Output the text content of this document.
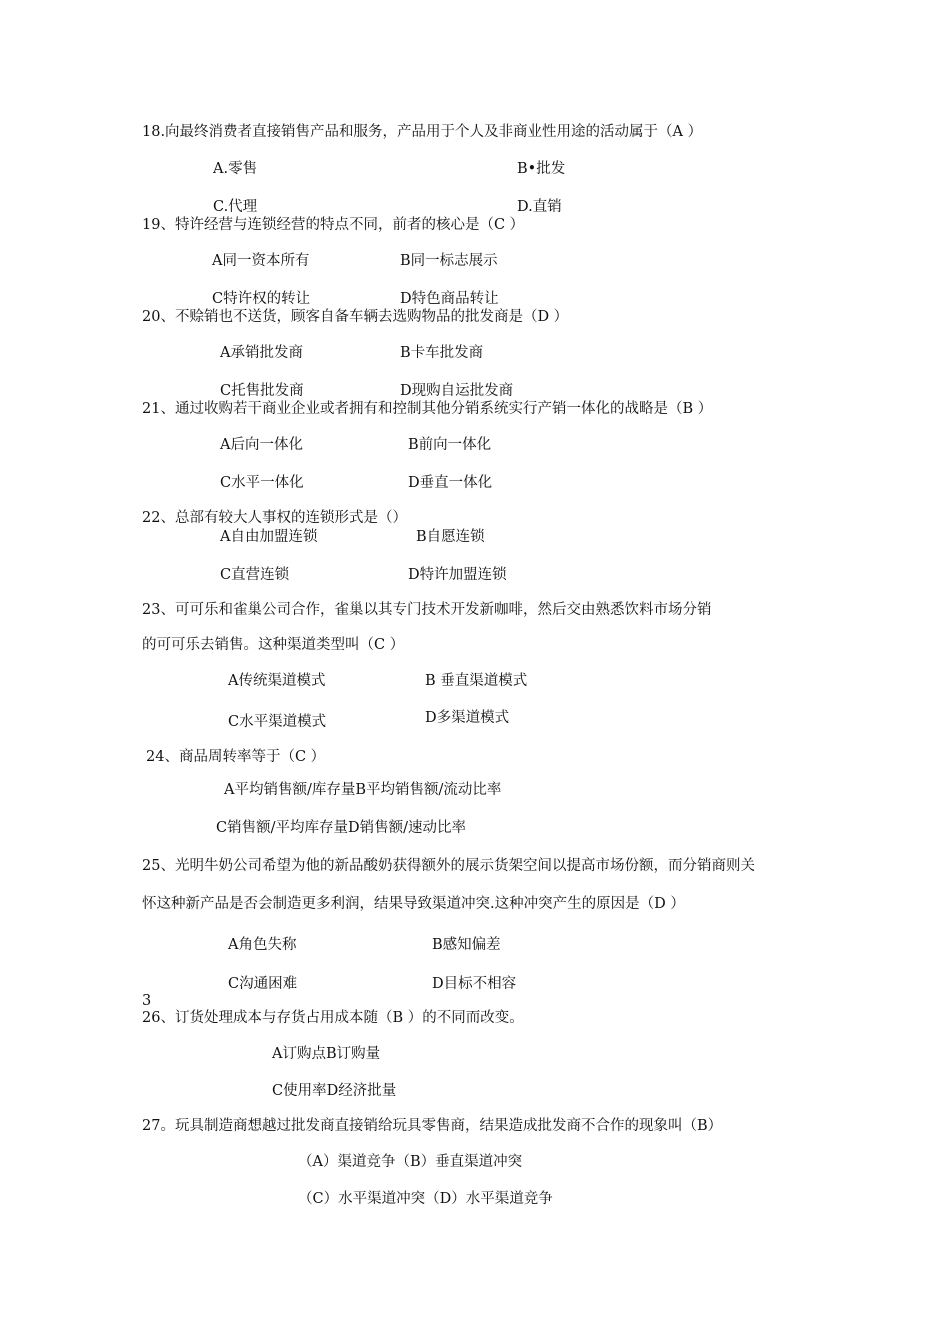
18.向最终消费者直接销售产品和服务，产品用于个人及非商业性用途的活动属于（A ）
A.零售	B•批发
C.代理	D.直销
19、特许经营与连锁经营的特点不同，前者的核心是（C ）
A同一资本所有	B同一标志展示
C特许权的转让	D特色商品转让
20、不赊销也不送货，顾客自备车辆去选购物品的批发商是（D ）
A承销批发商	B卡车批发商
C托售批发商	D现购自运批发商
21、通过收购若干商业企业或者拥有和控制其他分销系统实行产销一体化的战略是（B ）
A后向一体化	B前向一体化
C水平一体化	D垂直一体化
22、总部有较大人事权的连锁形式是（）
A自由加盟连锁	B自愿连锁
C直营连锁	D特许加盟连锁
23、可可乐和雀巢公司合作，雀巢以其专门技术开发新咖啡，然后交由熟悉饮料市场分销
的可可乐去销售。这种渠道类型叫（C ）
A传统渠道模式	B 垂直渠道模式
C水平渠道模式	D多渠道模式
24、商品周转率等于（C ）
A平均销售额/库存量B平均销售额/流动比率
C销售额/平均库存量D销售额/速动比率
25、光明牛奶公司希望为他的新品酸奶获得额外的展示货架空间以提高市场份额，而分销商则关
怀这种新产品是否会制造更多利润，结果导致渠道冲突.这种冲突产生的原因是（D ）
A角色失称	B感知偏差
C沟通困难	D目标不相容
3
26、订货处理成本与存货占用成本随（B ）的不同而改变。
A订购点B订购量
C使用率D经济批量
27。玩具制造商想越过批发商直接销给玩具零售商，结果造成批发商不合作的现象叫（B）
（A）渠道竞争（B）垂直渠道冲突
（C）水平渠道冲突（D）水平渠道竞争
